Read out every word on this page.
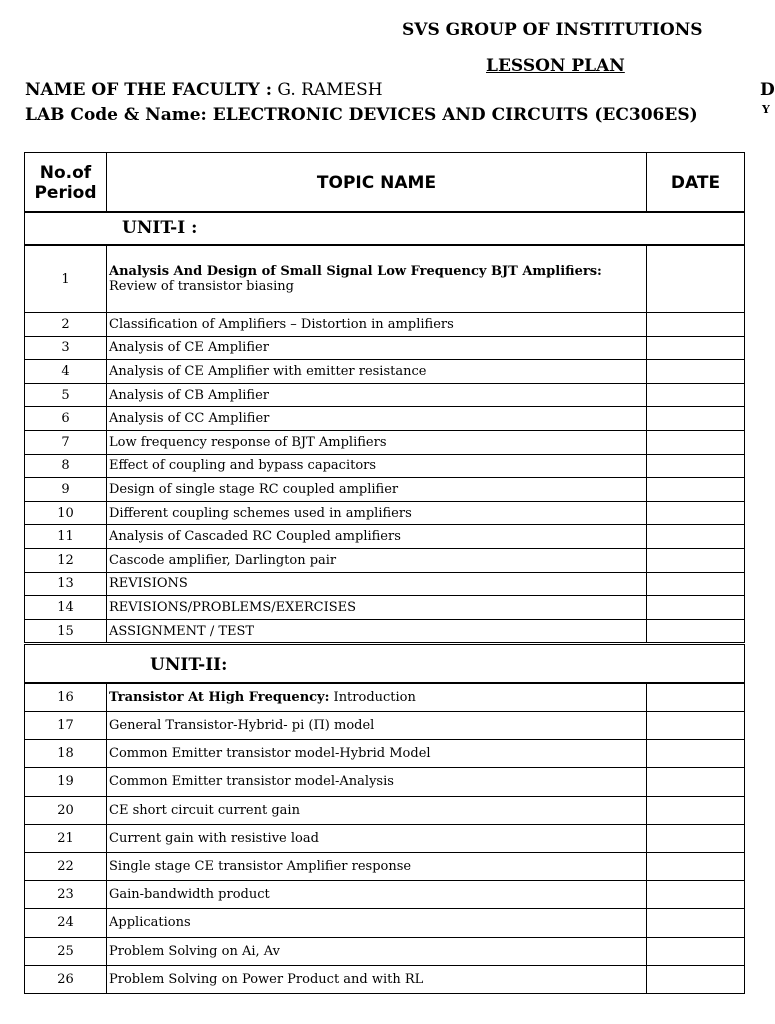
SVS GROUP OF INSTITUTIONS
LESSON PLAN
NAME OF THE FACULTY : G. RAMESH
LAB Code & Name: ELECTRONIC DEVICES AND CIRCUITS (EC306ES)
D
Y
No.of
Period	TOPIC NAME	DATE
UNIT-I :
1	Analysis And Design of Small Signal Low Frequency BJT Amplifiers:
Review of transistor biasing	
2	Classification of Amplifiers – Distortion in amplifiers	
3	Analysis of CE Amplifier	
4	Analysis of CE Amplifier with emitter resistance	
5	Analysis of CB Amplifier	
6	Analysis of CC Amplifier	
7	Low frequency response of BJT Amplifiers	
8	Effect of coupling and bypass capacitors	
9	Design of single stage RC coupled amplifier	
10	Different coupling schemes used in amplifiers	
11	Analysis of Cascaded RC Coupled amplifiers	
12	Cascode amplifier, Darlington pair	
13	REVISIONS	
14	REVISIONS/PROBLEMS/EXERCISES	
15	ASSIGNMENT / TEST	
UNIT-II:
16	Transistor At High Frequency: Introduction	
17	General Transistor-Hybrid- pi (Π) model	
18	Common Emitter transistor model-Hybrid Model	
19	Common Emitter transistor model-Analysis	
20	CE short circuit current gain	
21	Current gain with resistive load	
22	Single stage CE transistor Amplifier response	
23	Gain-bandwidth product	
24	Applications	
25	Problem Solving on Ai, Av	
26	Problem Solving on Power Product and with RL	
